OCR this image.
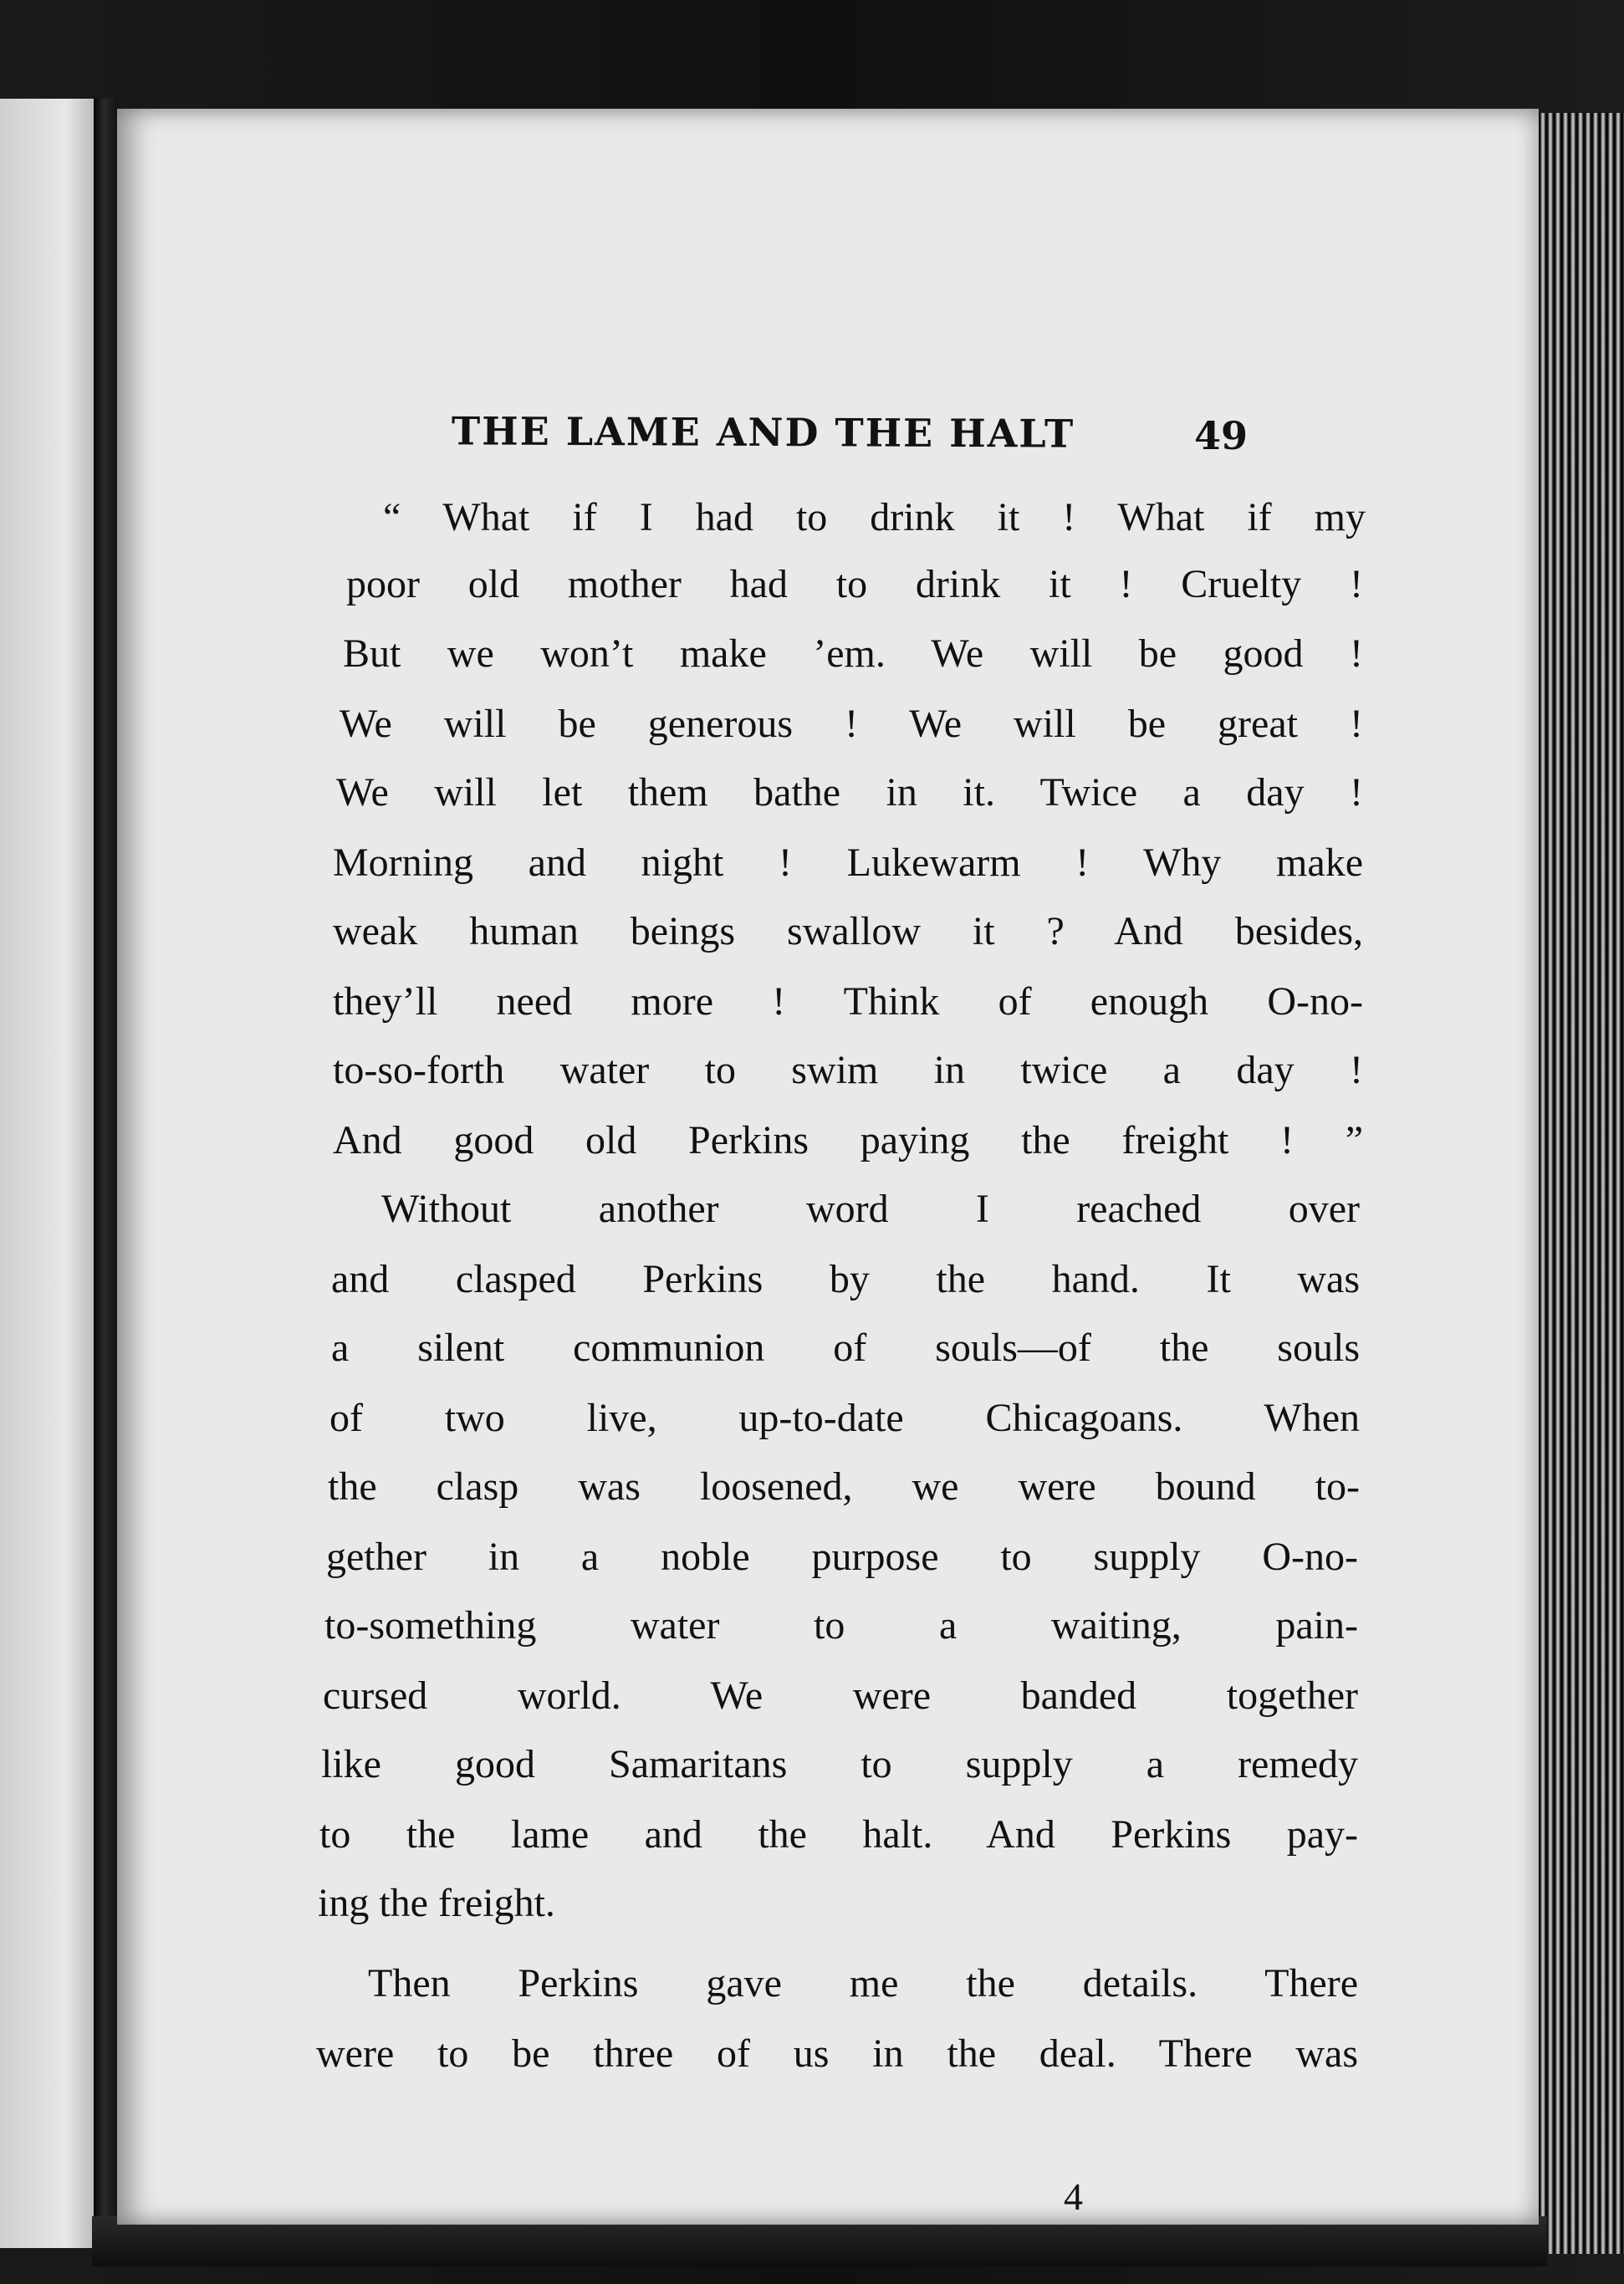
THE LAME AND THE HALT	49
“ What if I had to drink it ! What if my
poor old mother had to drink it ! Cruelty !
But we won’t make ’em. We will be good !
We will be generous ! We will be great !
We will let them bathe in it. Twice a day !
Morning and night ! Lukewarm ! Why make
weak human beings swallow it ? And besides,
they’ll need more ! Think of enough O-no-
to-so-forth water to swim in twice a day !
And good old Perkins paying the freight ! ”
Without another word I reached over
and clasped Perkins by the hand. It was
a silent communion of souls—of the souls
of two live, up-to-date Chicagoans. When
the clasp was loosened, we were bound to-
gether in a noble purpose to supply O-no-
to-something water to a waiting, pain-
cursed world. We were banded together
like good Samaritans to supply a remedy
to the lame and the halt. And Perkins pay-
ing the freight.
Then Perkins gave me the details. There
were to be three of us in the deal. There was
4
